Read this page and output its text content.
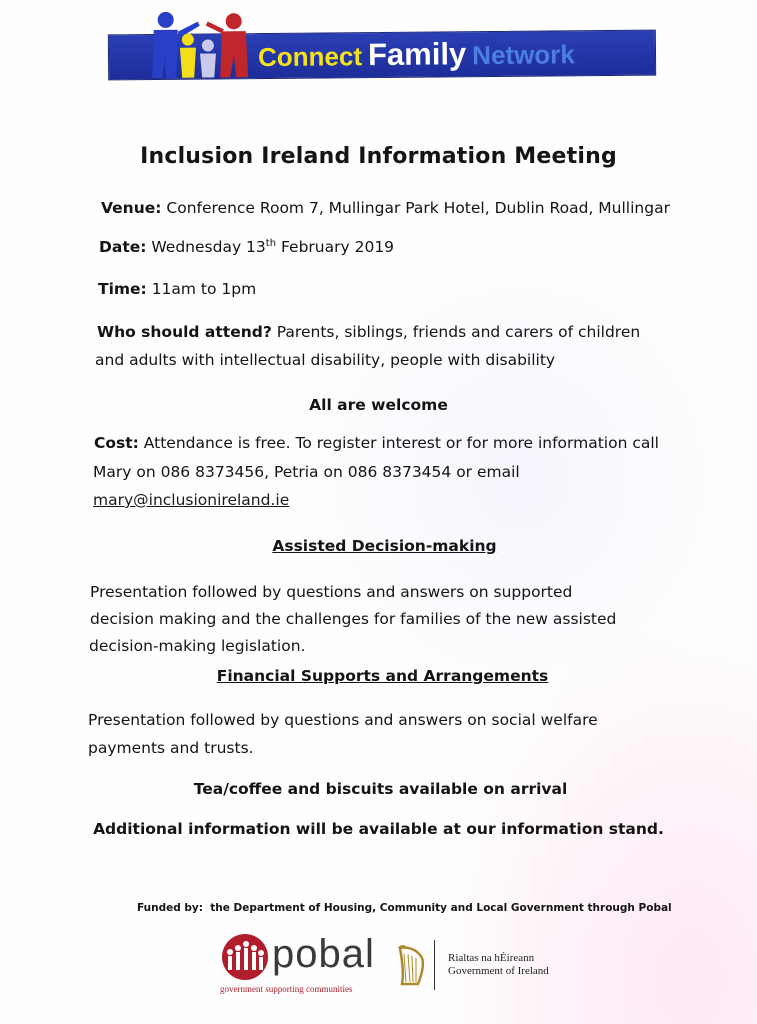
Connect Family Network
Inclusion Ireland Information Meeting
Venue: Conference Room 7, Mullingar Park Hotel, Dublin Road, Mullingar
Date: Wednesday 13th February 2019
Time: 11am to 1pm
Who should attend? Parents, siblings, friends and carers of children
and adults with intellectual disability, people with disability
All are welcome
Cost: Attendance is free. To register interest or for more information call
Mary on 086 8373456, Petria on 086 8373454 or email
mary@inclusionireland.ie
Assisted Decision-making
Presentation followed by questions and answers on supported
decision making and the challenges for families of the new assisted
decision-making legislation.
Financial Supports and Arrangements
Presentation followed by questions and answers on social welfare
payments and trusts.
Tea/coffee and biscuits available on arrival
Additional information will be available at our information stand.
Funded by: the Department of Housing, Community and Local Government through Pobal
pobal
government supporting communities
Rialtas na hÉireann
Government of Ireland
